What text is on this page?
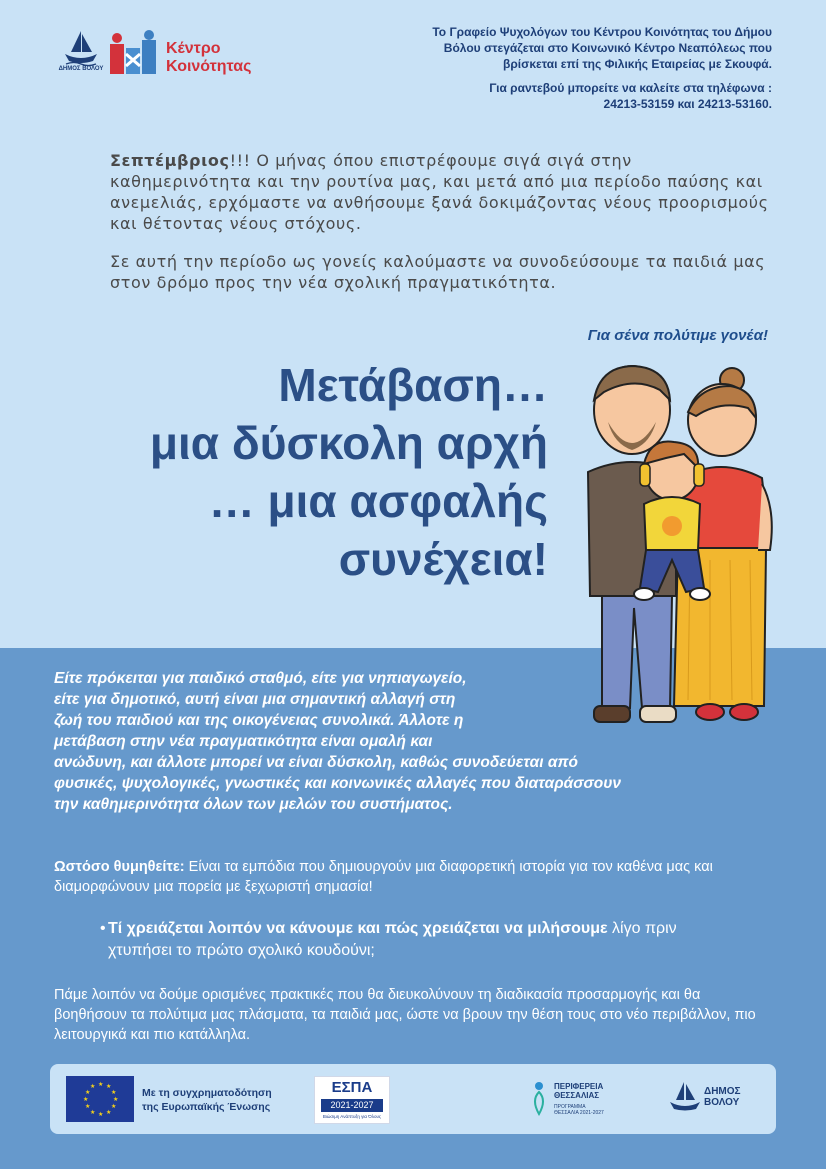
ΔΗΜΟΣ ΒΟΛΟΥ
Κέντρο
Κοινότητας

Το Γραφείο Ψυχολόγων του Κέντρου Κοινότητας του Δήμου

Βόλου στεγάζεται στο Κοινωνικό Κέντρο Νεαπόλεως που

βρίσκεται επί της Φιλικής Εταιρείας με Σκουφά.

Για ραντεβού μπορείτε να καλείτε στα τηλέφωνα :

24213-53159 και 24213-53160.

Σεπτέμβριος!!! Ο μήνας όπου επιστρέφουμε σιγά σιγά στην καθημερινότητα και την ρουτίνα μας, και μετά από μια περίοδο παύσης και ανεμελιάς, ερχόμαστε να ανθήσουμε ξανά δοκιμάζοντας νέους προορισμούς και θέτοντας νέους στόχους.

Σε αυτή την περίοδο ως γονείς καλούμαστε να συνοδεύσουμε τα παιδιά μας στον δρόμο προς την νέα σχολική πραγματικότητα.

Για σένα πολύτιμε γονέα!
Μετάβαση…
μια δύσκολη αρχή
… μια ασφαλής
συνέχεια!
Είτε πρόκειται για παιδικό σταθμό, είτε για νηπιαγωγείο,
είτε για δημοτικό, αυτή είναι μια σημαντική αλλαγή στη
ζωή του παιδιού και της οικογένειας συνολικά. Άλλοτε η
μετάβαση στην νέα πραγματικότητα είναι ομαλή και
ανώδυνη, και άλλοτε μπορεί να είναι δύσκολη, καθώς συνοδεύεται από
φυσικές, ψυχολογικές, γνωστικές και κοινωνικές αλλαγές που διαταράσσουν
την καθημερινότητα όλων των μελών του συστήματος.
Ωστόσο θυμηθείτε: Είναι τα εμπόδια που δημιουργούν μια διαφορετική ιστορία για τον καθένα μας και διαμορφώνουν μια πορεία με ξεχωριστή σημασία!
• Τί χρειάζεται λοιπόν να κάνουμε και πώς χρειάζεται να μιλήσουμε λίγο πριν χτυπήσει το πρώτο σχολικό κουδούνι;
Πάμε λοιπόν να δούμε ορισμένες πρακτικές που θα διευκολύνουν τη διαδικασία προσαρμογής και θα βοηθήσουν τα πολύτιμα μας πλάσματα, τα παιδιά μας, ώστε να βρουν την θέση τους στο νέο περιβάλλον, πιο λειτουργικά και πιο κατάλληλα.
★ ★
★
★
★
★
★
★
★
★
★
★
Με τη συγχρηματοδότηση
της Ευρωπαϊκής Ένωσης
ΕΣΠΑ
2021-2027
Βιώσιμη Ανάπτυξη για Όλους
ΠΕΡΙΦΕΡΕΙΑ
ΘΕΣΣΑΛΙΑΣ
ΠΡΟΓΡΑΜΜΑ
ΘΕΣΣΑΛΙΑ 2021-2027
ΔΗΜΟΣ
ΒΟΛΟΥ
